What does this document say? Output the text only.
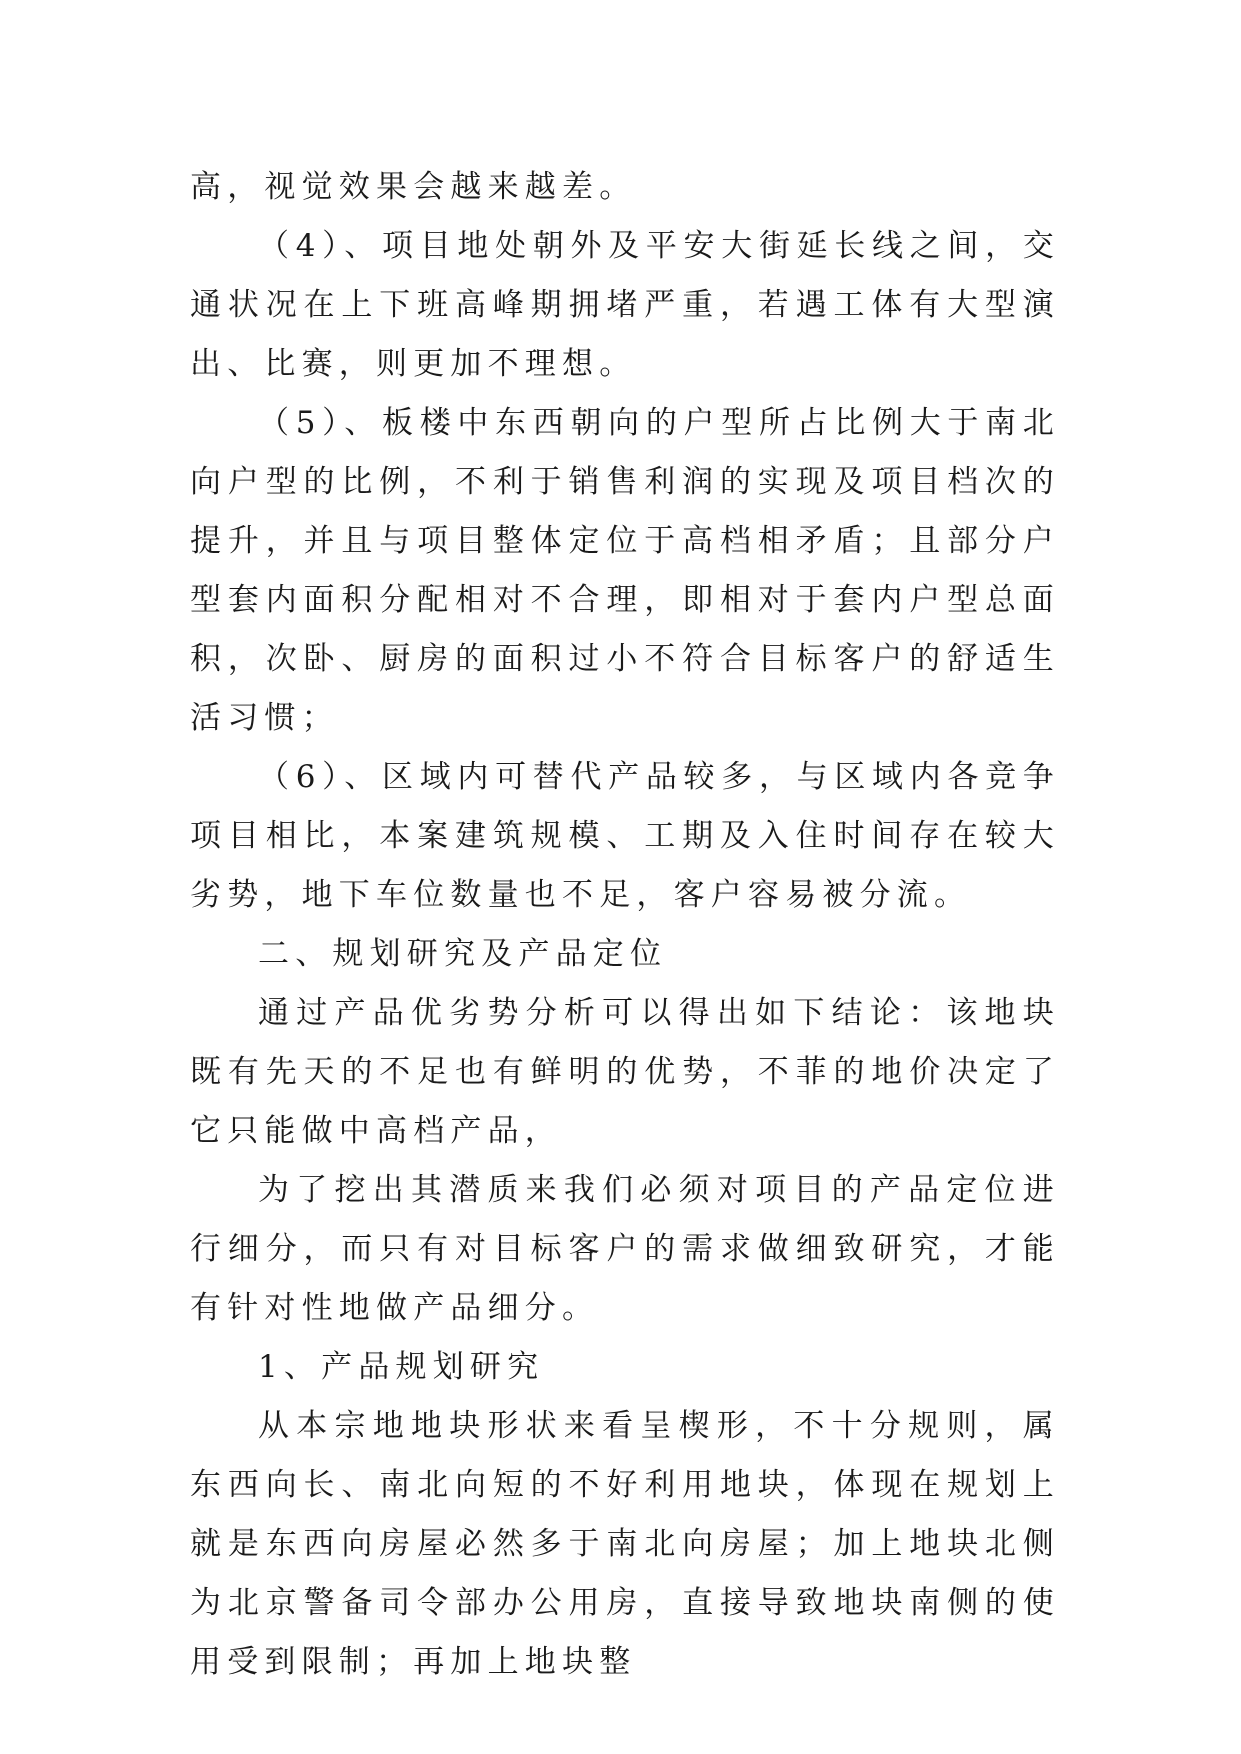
高，视觉效果会越来越差。

（4）、项目地处朝外及平安大街延长线之间，交通状况在上下班高峰期拥堵严重，若遇工体有大型演出、比赛，则更加不理想。

（5）、板楼中东西朝向的户型所占比例大于南北向户型的比例，不利于销售利润的实现及项目档次的提升，并且与项目整体定位于高档相矛盾；且部分户型套内面积分配相对不合理，即相对于套内户型总面积，次卧、厨房的面积过小不符合目标客户的舒适生活习惯；

（6）、区域内可替代产品较多，与区域内各竞争项目相比，本案建筑规模、工期及入住时间存在较大劣势，地下车位数量也不足，客户容易被分流。

二、规划研究及产品定位

通过产品优劣势分析可以得出如下结论：该地块既有先天的不足也有鲜明的优势，不菲的地价决定了它只能做中高档产品，

为了挖出其潜质来我们必须对项目的产品定位进行细分，而只有对目标客户的需求做细致研究，才能有针对性地做产品细分。

1、产品规划研究

从本宗地地块形状来看呈楔形，不十分规则，属东西向长、南北向短的不好利用地块，体现在规划上就是东西向房屋必然多于南北向房屋；加上地块北侧为北京警备司令部办公用房，直接导致地块南侧的使用受到限制；再加上地块整
